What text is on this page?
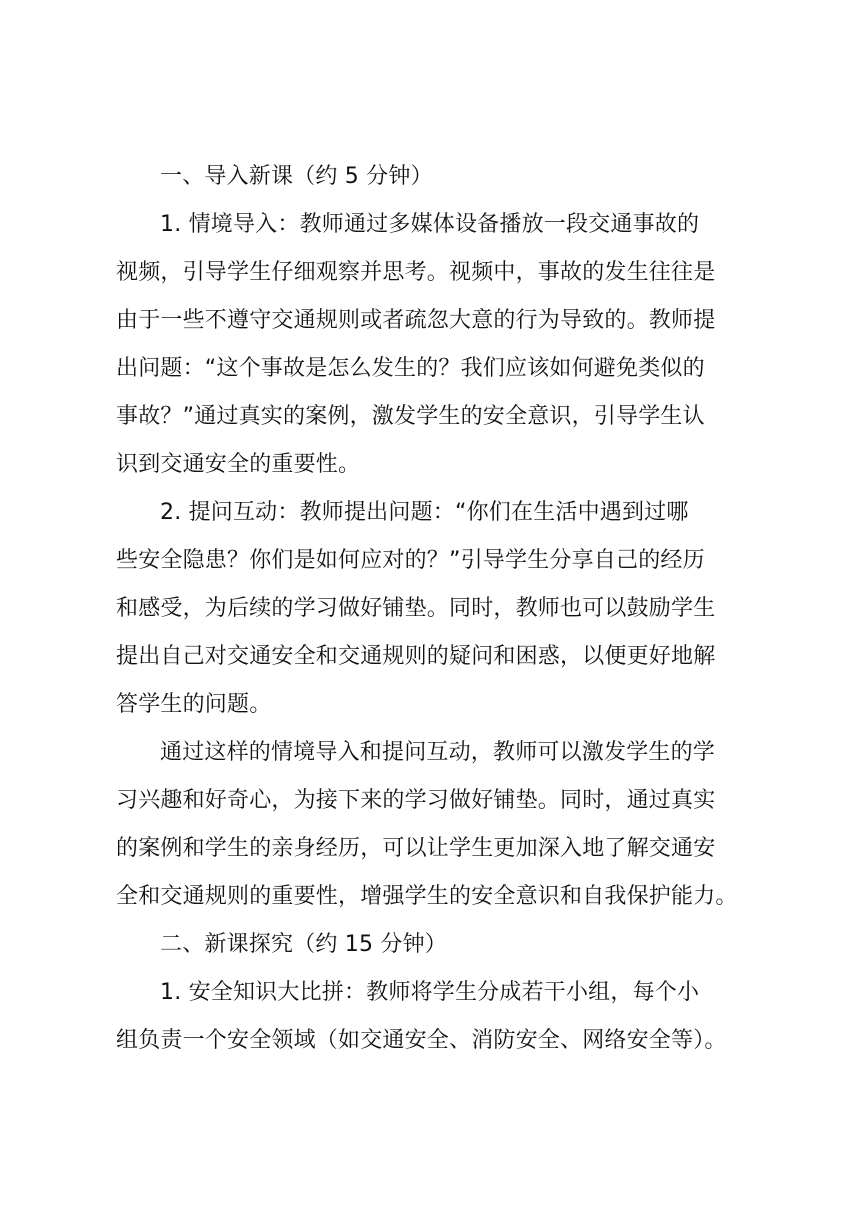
一、导入新课（约 5 分钟）
1. 情境导入：教师通过多媒体设备播放一段交通事故的
视频，引导学生仔细观察并思考。视频中，事故的发生往往是
由于一些不遵守交通规则或者疏忽大意的行为导致的。教师提
出问题：“这个事故是怎么发生的？我们应该如何避免类似的
事故？”通过真实的案例，激发学生的安全意识，引导学生认
识到交通安全的重要性。
2. 提问互动：教师提出问题：“你们在生活中遇到过哪
些安全隐患？你们是如何应对的？”引导学生分享自己的经历
和感受，为后续的学习做好铺垫。同时，教师也可以鼓励学生
提出自己对交通安全和交通规则的疑问和困惑，以便更好地解
答学生的问题。
通过这样的情境导入和提问互动，教师可以激发学生的学
习兴趣和好奇心，为接下来的学习做好铺垫。同时，通过真实
的案例和学生的亲身经历，可以让学生更加深入地了解交通安
全和交通规则的重要性，增强学生的安全意识和自我保护能力。
二、新课探究（约 15 分钟）
1. 安全知识大比拼：教师将学生分成若干小组，每个小
组负责一个安全领域（如交通安全、消防安全、网络安全等）。
